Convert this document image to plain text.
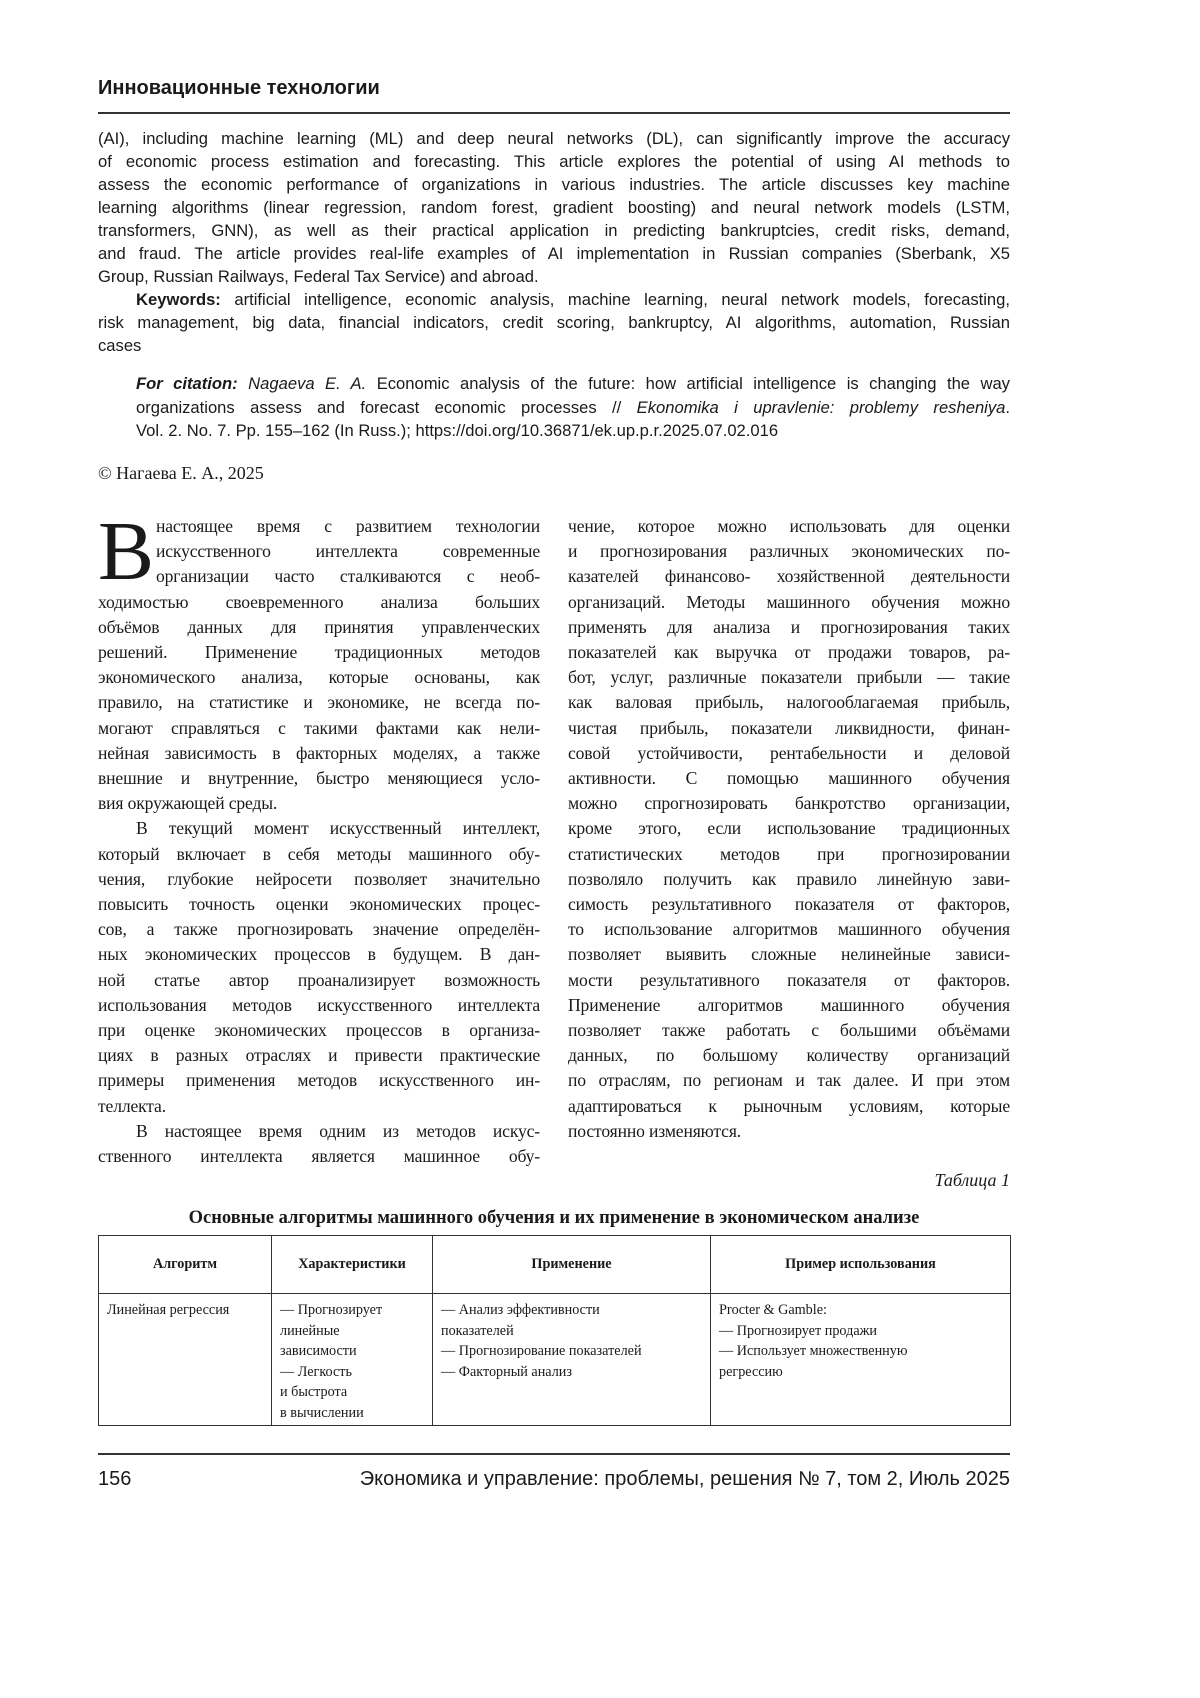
Инновационные технологии
(AI), including machine learning (ML) and deep neural networks (DL), can significantly improve the accuracy
of economic process estimation and forecasting. This article explores the potential of using AI methods to
assess the economic performance of organizations in various industries. The article discusses key machine
learning algorithms (linear regression, random forest, gradient boosting) and neural network models (LSTM,
transformers, GNN), as well as their practical application in predicting bankruptcies, credit risks, demand,
and fraud. The article provides real-life examples of AI implementation in Russian companies (Sberbank, X5
Group, Russian Railways, Federal Tax Service) and abroad.
Keywords: artificial intelligence, economic analysis, machine learning, neural network models, forecasting,
risk management, big data, financial indicators, credit scoring, bankruptcy, AI algorithms, automation, Russian
cases
For citation: Nagaeva E. A. Economic analysis of the future: how artificial intelligence is changing the way
organizations assess and forecast economic processes // Ekonomika i upravlenie: problemy resheniya.
Vol. 2. No. 7. Pp. 155–162 (In Russ.); https://doi.org/10.36871/ek.up.p.r.2025.07.02.016
© Нагаева Е. А., 2025
В настоящее время с развитием технологии
искусственного интеллекта современные
организации часто сталкиваются с необ-
ходимостью своевременного анализа больших
объёмов данных для принятия управленческих
решений. Применение традиционных методов
экономического анализа, которые основаны, как
правило, на статистике и экономике, не всегда по-
могают справляться с такими фактами как нели-
нейная зависимость в факторных моделях, а также
внешние и внутренние, быстро меняющиеся усло-
вия окружающей среды.
В текущий момент искусственный интеллект,
который включает в себя методы машинного обу-
чения, глубокие нейросети позволяет значительно
повысить точность оценки экономических процес-
сов, а также прогнозировать значение определён-
ных экономических процессов в будущем. В дан-
ной статье автор проанализирует возможность
использования методов искусственного интеллекта
при оценке экономических процессов в организа-
циях в разных отраслях и привести практические
примеры применения методов искусственного ин-
теллекта.
В настоящее время одним из методов искус-
ственного интеллекта является машинное обу-
чение, которое можно использовать для оценки
и прогнозирования различных экономических по-
казателей финансово- хозяйственной деятельности
организаций. Методы машинного обучения можно
применять для анализа и прогнозирования таких
показателей как выручка от продажи товаров, ра-
бот, услуг, различные показатели прибыли — такие
как валовая прибыль, налогооблагаемая прибыль,
чистая прибыль, показатели ликвидности, финан-
совой устойчивости, рентабельности и деловой
активности. С помощью машинного обучения
можно спрогнозировать банкротство организации,
кроме этого, если использование традиционных
статистических методов при прогнозировании
позволяло получить как правило линейную зави-
симость результативного показателя от факторов,
то использование алгоритмов машинного обучения
позволяет выявить сложные нелинейные зависи-
мости результативного показателя от факторов.
Применение алгоритмов машинного обучения
позволяет также работать с большими объёмами
данных, по большому количеству организаций
по отраслям, по регионам и так далее. И при этом
адаптироваться к рыночным условиям, которые
постоянно изменяются.
Таблица 1
Основные алгоритмы машинного обучения и их применение в экономическом анализе
Алгоритм	Характеристики	Применение	Пример использования

Линейная регрессия	— Прогнозирует
линейные
зависимости
— Легкость
и быстрота
в вычислении

— Анализ эффективности
показателей
— Прогнозирование показателей
— Факторный анализ

Procter & Gamble:
— Прогнозирует продажи
— Использует множественную
регрессию
156	Экономика и управление: проблемы, решения № 7, том 2, Июль 2025
